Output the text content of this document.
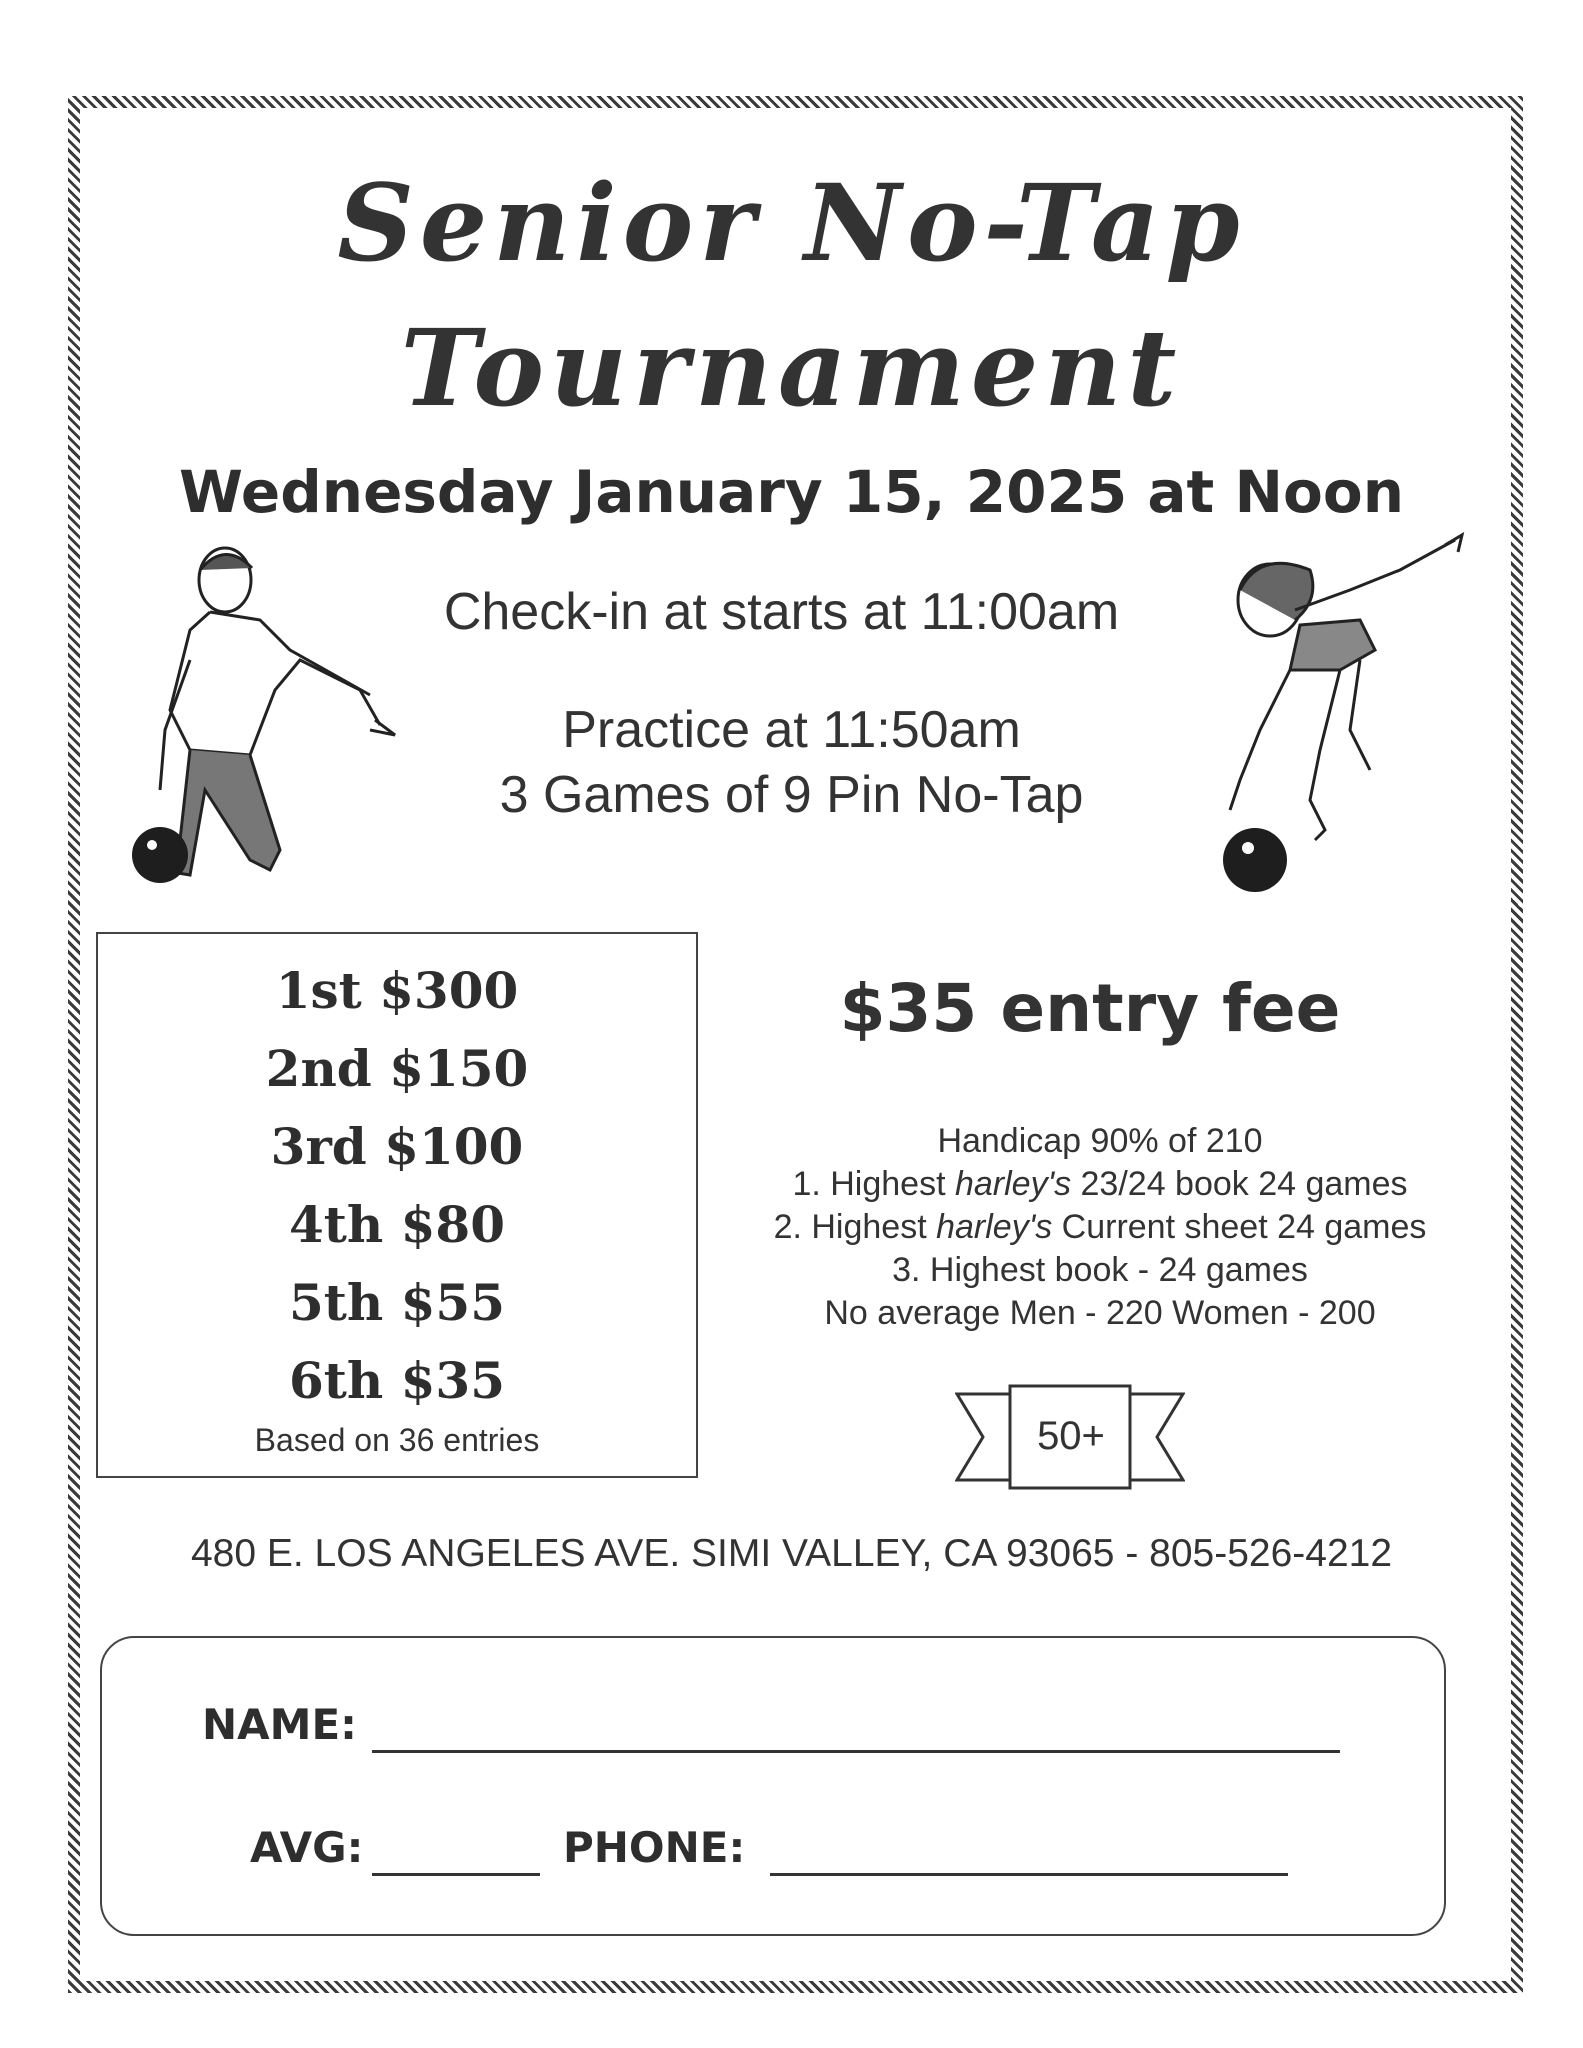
Senior No-Tap
Tournament
Wednesday January 15, 2025 at Noon
Check-in at starts at 11:00am
Practice at 11:50am
3 Games of 9 Pin No-Tap
1st $300
2nd $150
3rd $100
4th $80
5th $55
6th $35
Based on 36 entries
$35 entry fee
Handicap 90% of 210
1. Highest harley's 23/24 book 24 games
2. Highest harley's Current sheet 24 games
3. Highest book - 24 games
No average Men - 220 Women - 200
50+
480 E. LOS ANGELES AVE. SIMI VALLEY, CA 93065 - 805-526-4212
NAME:
AVG:	PHONE:
